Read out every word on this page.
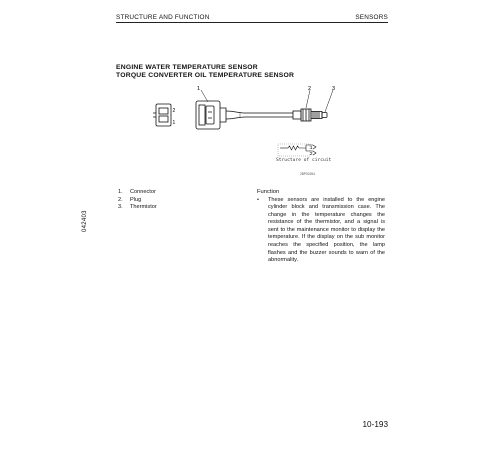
STRUCTURE AND FUNCTION	SENSORS
ENGINE WATER TEMPERATURE SENSOR
TORQUE CONVERTER OIL TEMPERATURE SENSOR
2
1
1	2	3
1
2
Structure of circuit
2BP00264
042403
1.	Connector
2.	Plug
3.	Thermistor
Function
•	These sensors are installed to the engine cylinder block and transmission case. The change in the temperature changes the resistance of the thermistor, and a signal is sent to the maintenance monitor to display the temperature. If the display on the sub monitor reaches the specified position, the lamp flashes and the buzzer sounds to warn of the abnormality.
10-193
